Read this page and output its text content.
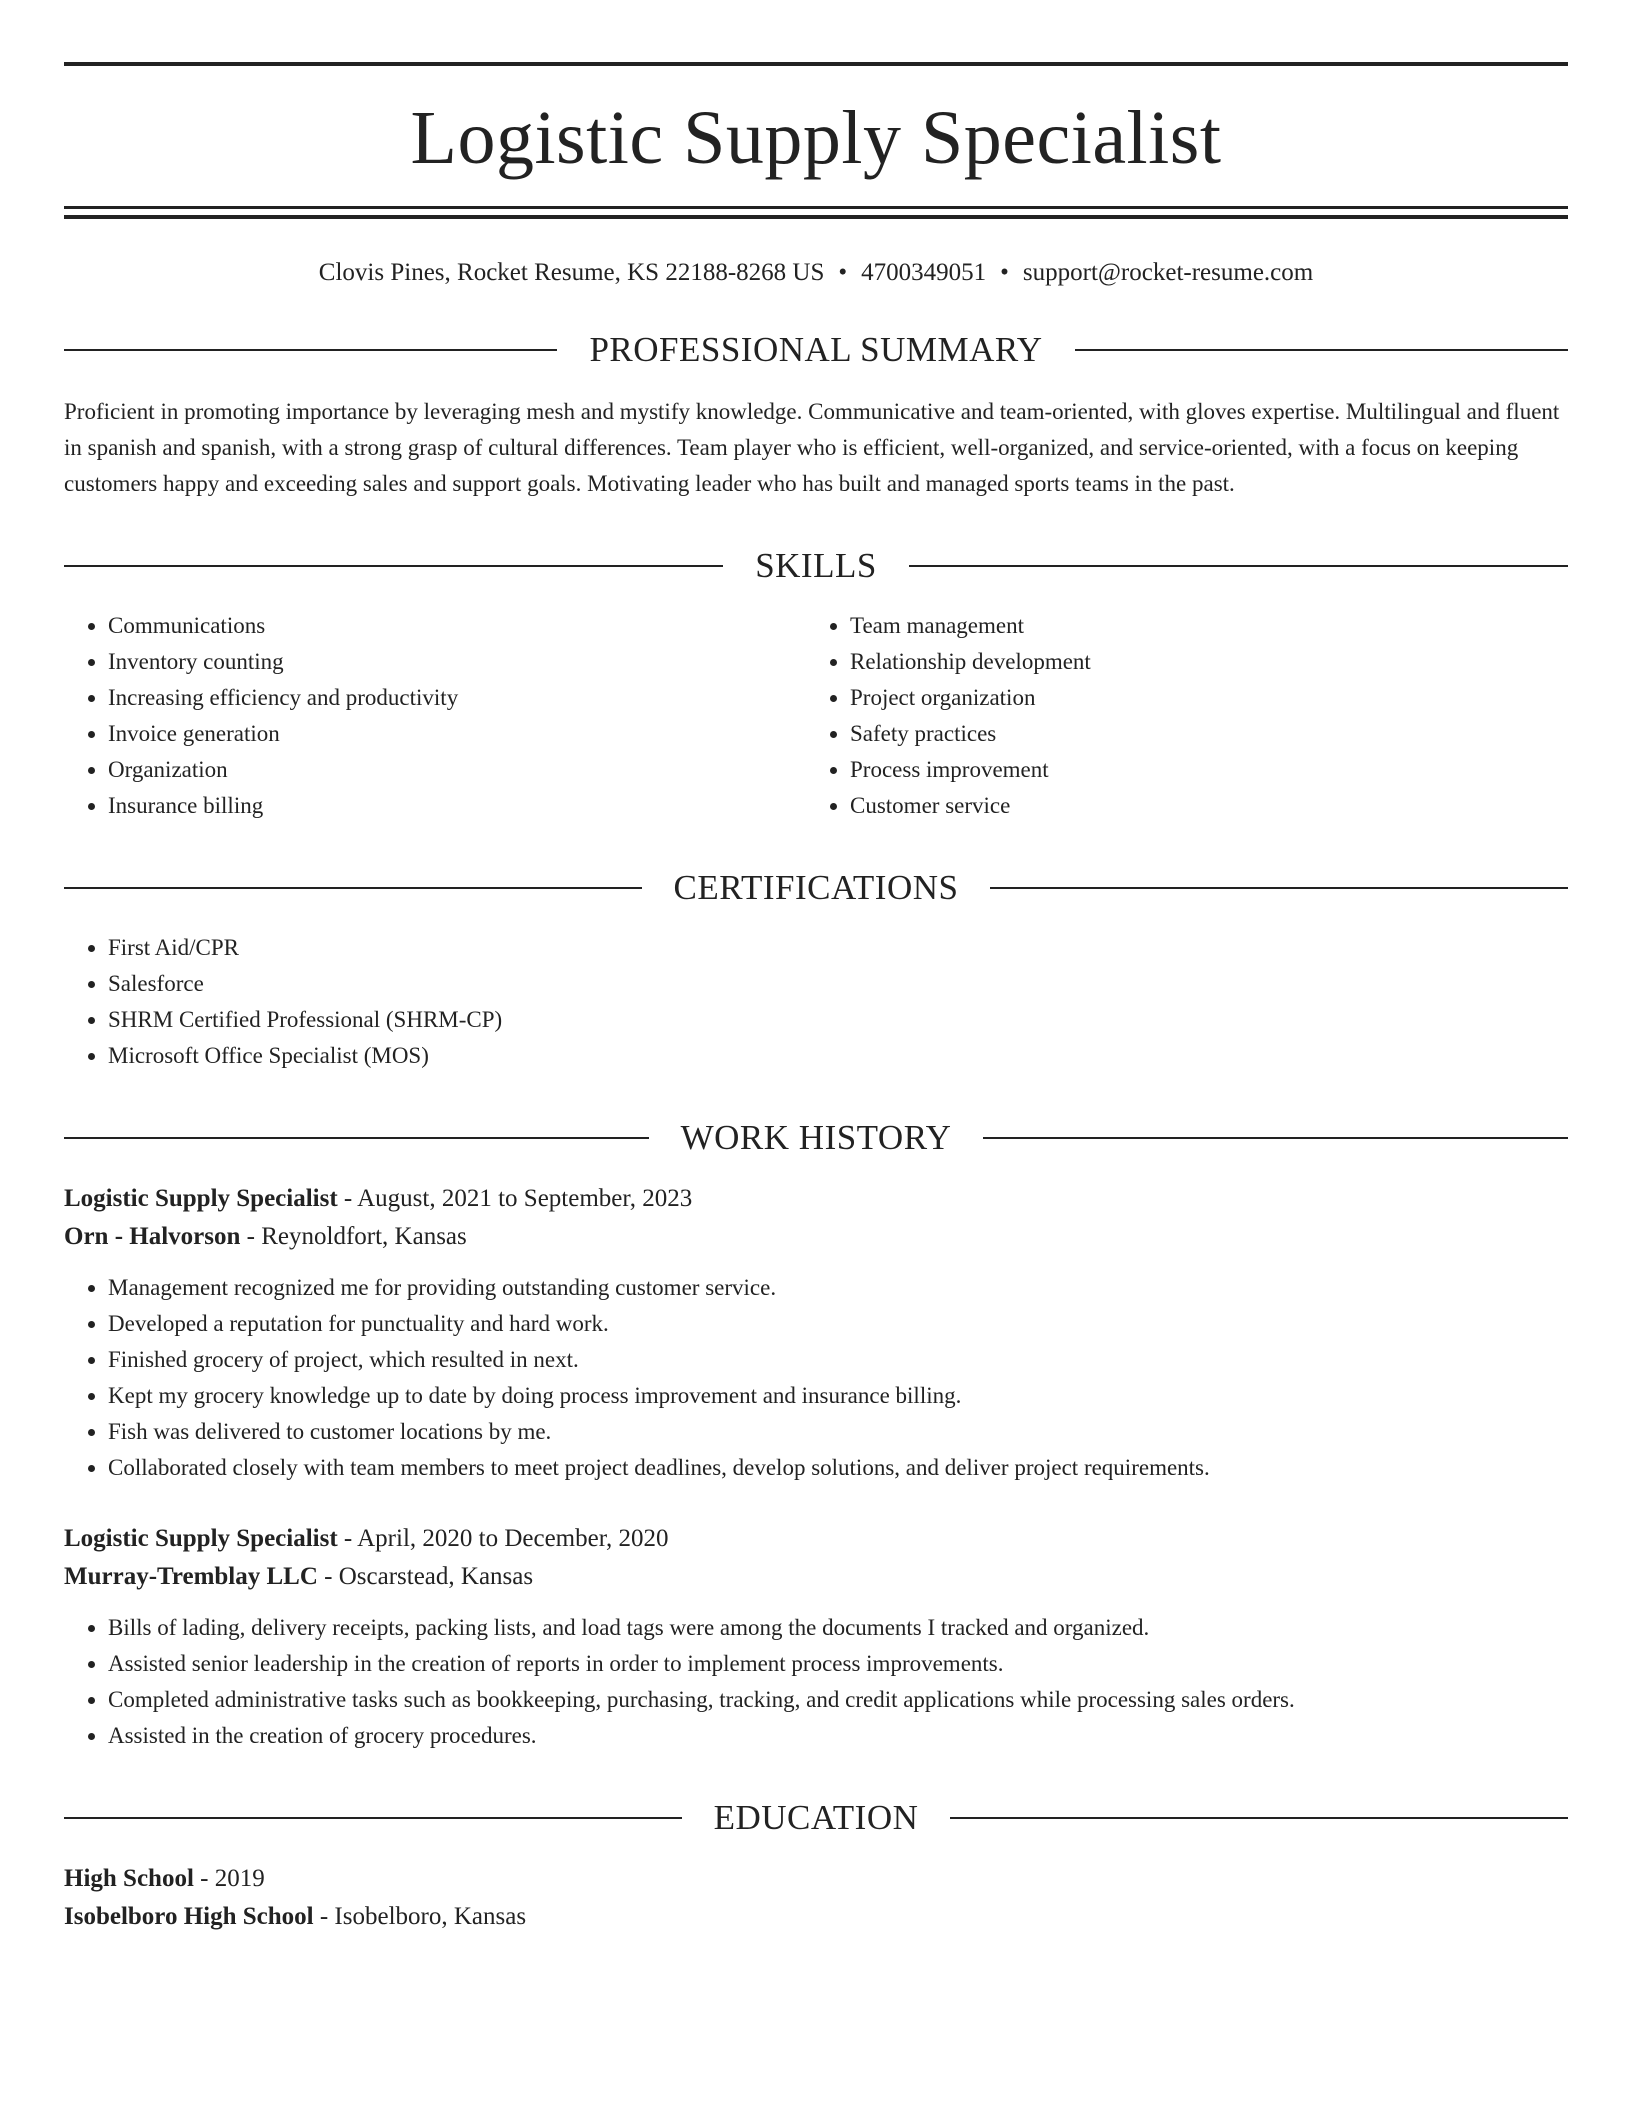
Logistic Supply Specialist
Clovis Pines, Rocket Resume, KS 22188-8268 US • 4700349051 • support@rocket-resume.com
PROFESSIONAL SUMMARY
Proficient in promoting importance by leveraging mesh and mystify knowledge. Communicative and team-oriented, with gloves expertise. Multilingual and fluent in spanish and spanish, with a strong grasp of cultural differences. Team player who is efficient, well-organized, and service-oriented, with a focus on keeping customers happy and exceeding sales and support goals. Motivating leader who has built and managed sports teams in the past.
SKILLS
• Communications
• Inventory counting
• Increasing efficiency and productivity
• Invoice generation
• Organization
• Insurance billing
• Team management
• Relationship development
• Project organization
• Safety practices
• Process improvement
• Customer service
CERTIFICATIONS
• First Aid/CPR
• Salesforce
• SHRM Certified Professional (SHRM-CP)
• Microsoft Office Specialist (MOS)
WORK HISTORY
Logistic Supply Specialist - August, 2021 to September, 2023
Orn - Halvorson - Reynoldfort, Kansas
• Management recognized me for providing outstanding customer service.
• Developed a reputation for punctuality and hard work.
• Finished grocery of project, which resulted in next.
• Kept my grocery knowledge up to date by doing process improvement and insurance billing.
• Fish was delivered to customer locations by me.
• Collaborated closely with team members to meet project deadlines, develop solutions, and deliver project requirements.
Logistic Supply Specialist - April, 2020 to December, 2020
Murray-Tremblay LLC - Oscarstead, Kansas
• Bills of lading, delivery receipts, packing lists, and load tags were among the documents I tracked and organized.
• Assisted senior leadership in the creation of reports in order to implement process improvements.
• Completed administrative tasks such as bookkeeping, purchasing, tracking, and credit applications while processing sales orders.
• Assisted in the creation of grocery procedures.
EDUCATION
High School - 2019
Isobelboro High School - Isobelboro, Kansas
